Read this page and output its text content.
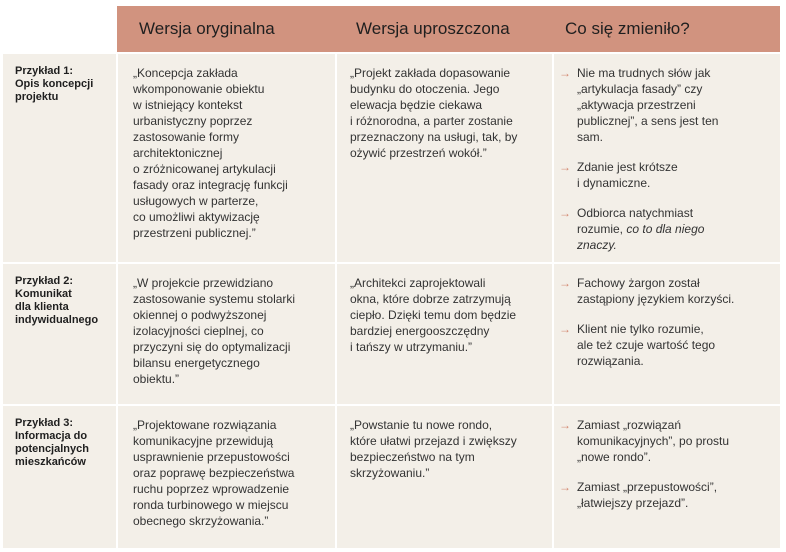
Wersja oryginalna	Wersja uproszczona	Co się zmieniło?
Przykład 1:
Opis koncepcji
projektu
„Koncepcja zakłada
wkomponowanie obiektu
w istniejący kontekst
urbanistyczny poprzez
zastosowanie formy
architektonicznej
o zróżnicowanej artykulacji
fasady oraz integrację funkcji
usługowych w parterze,
co umożliwi aktywizację
przestrzeni publicznej.”
„Projekt zakłada dopasowanie
budynku do otoczenia. Jego
elewacja będzie ciekawa
i różnorodna, a parter zostanie
przeznaczony na usługi, tak, by
ożywić przestrzeń wokół.”
→ Nie ma trudnych słów jak
„artykulacja fasady” czy
„aktywacja przestrzeni
publicznej”, a sens jest ten
sam.
→ Zdanie jest krótsze
i dynamiczne.
→ Odbiorca natychmiast
rozumie, co to dla niego
znaczy.
Przykład 2:
Komunikat
dla klienta
indywidualnego
„W projekcie przewidziano
zastosowanie systemu stolarki
okiennej o podwyższonej
izolacyjności cieplnej, co
przyczyni się do optymalizacji
bilansu energetycznego
obiektu.”
„Architekci zaprojektowali
okna, które dobrze zatrzymują
ciepło. Dzięki temu dom będzie
bardziej energooszczędny
i tańszy w utrzymaniu.”
→ Fachowy żargon został
zastąpiony językiem korzyści.
→ Klient nie tylko rozumie,
ale też czuje wartość tego
rozwiązania.
Przykład 3:
Informacja do
potencjalnych
mieszkańców
„Projektowane rozwiązania
komunikacyjne przewidują
usprawnienie przepustowości
oraz poprawę bezpieczeństwa
ruchu poprzez wprowadzenie
ronda turbinowego w miejscu
obecnego skrzyżowania.”
„Powstanie tu nowe rondo,
które ułatwi przejazd i zwiększy
bezpieczeństwo na tym
skrzyżowaniu.”
→ Zamiast „rozwiązań
komunikacyjnych”, po prostu
„nowe rondo”.
→ Zamiast „przepustowości”,
„łatwiejszy przejazd”.
